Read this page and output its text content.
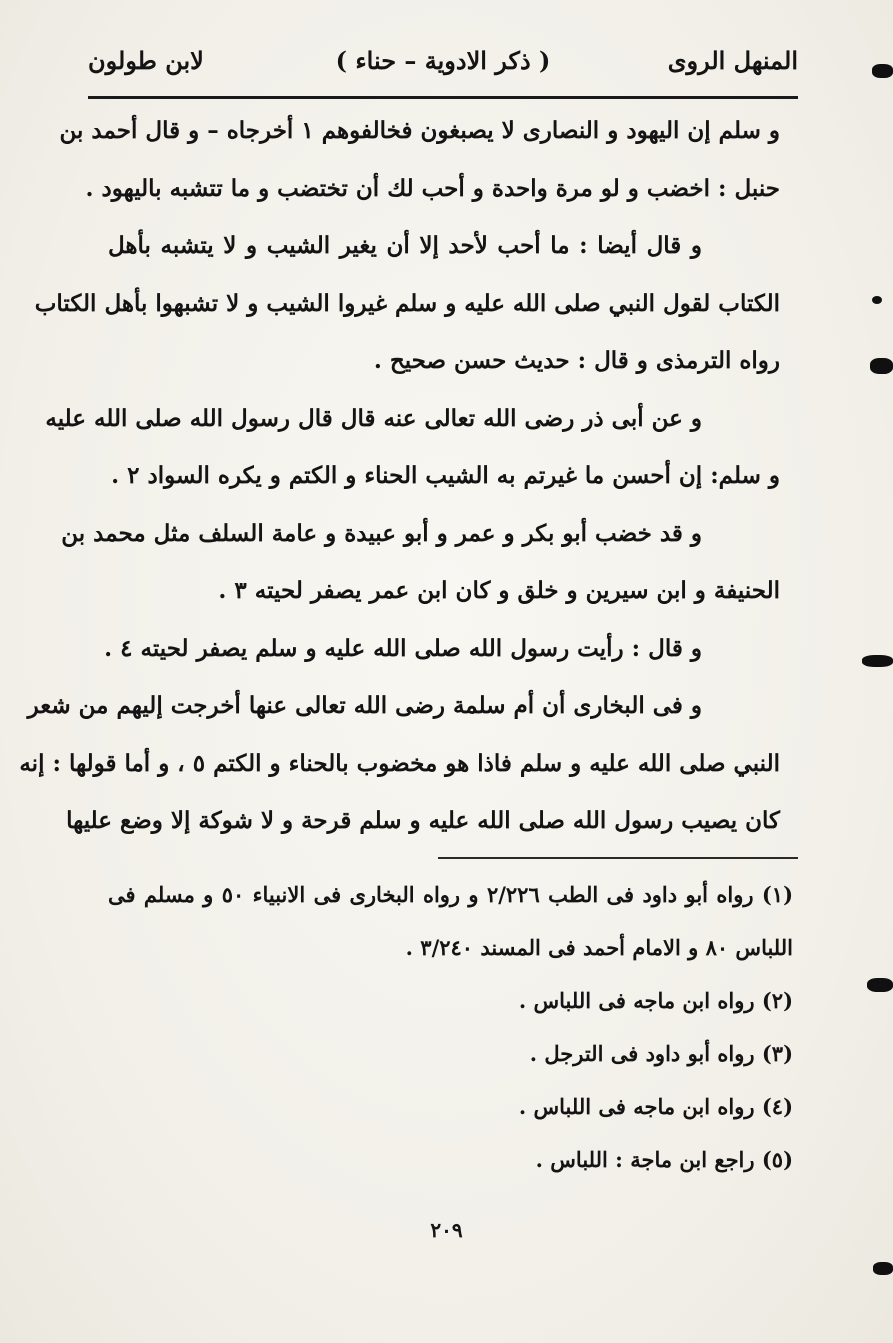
المنهل الروى
( ذكر الادوية – حناء )
لابن طولون
و سلم إن اليهود و النصارى لا يصبغون فخالفوهم ١ أخرجاه – و قال أحمد بن
حنبل : اخضب و لو مرة واحدة و أحب لك أن تختضب و ما تتشبه باليهود .
و قال أيضا : ما أحب لأحد إلا أن يغير الشيب و لا يتشبه بأهل
الكتاب لقول النبي صلى الله عليه و سلم غيروا الشيب و لا تشبهوا بأهل الكتاب
رواه الترمذى و قال : حديث حسن صحيح .
و عن أبى ذر رضى الله تعالى عنه قال قال رسول الله صلى الله عليه
و سلم: إن أحسن ما غيرتم به الشيب الحناء و الكتم و يكره السواد ٢ .
و قد خضب أبو بكر و عمر و أبو عبيدة و عامة السلف مثل محمد بن
الحنيفة و ابن سيرين و خلق و كان ابن عمر يصفر لحيته ٣ .
و قال : رأيت رسول الله صلى الله عليه و سلم يصفر لحيته ٤ .
و فى البخارى أن أم سلمة رضى الله تعالى عنها أخرجت إليهم من شعر
النبي صلى الله عليه و سلم فاذا هو مخضوب بالحناء و الكتم ٥ ، و أما قولها : إنه
كان يصيب رسول الله صلى الله عليه و سلم قرحة و لا شوكة إلا وضع عليها
(١) رواه أبو داود فى الطب ٢/٢٢٦ و رواه البخارى فى الانبياء ٥٠ و مسلم فى
اللباس ٨٠ و الامام أحمد فى المسند ٣/٢٤٠ .
(٢) رواه ابن ماجه فى اللباس .
(٣) رواه أبو داود فى الترجل .
(٤) رواه ابن ماجه فى اللباس .
(٥) راجع ابن ماجة : اللباس .
٢٠٩
